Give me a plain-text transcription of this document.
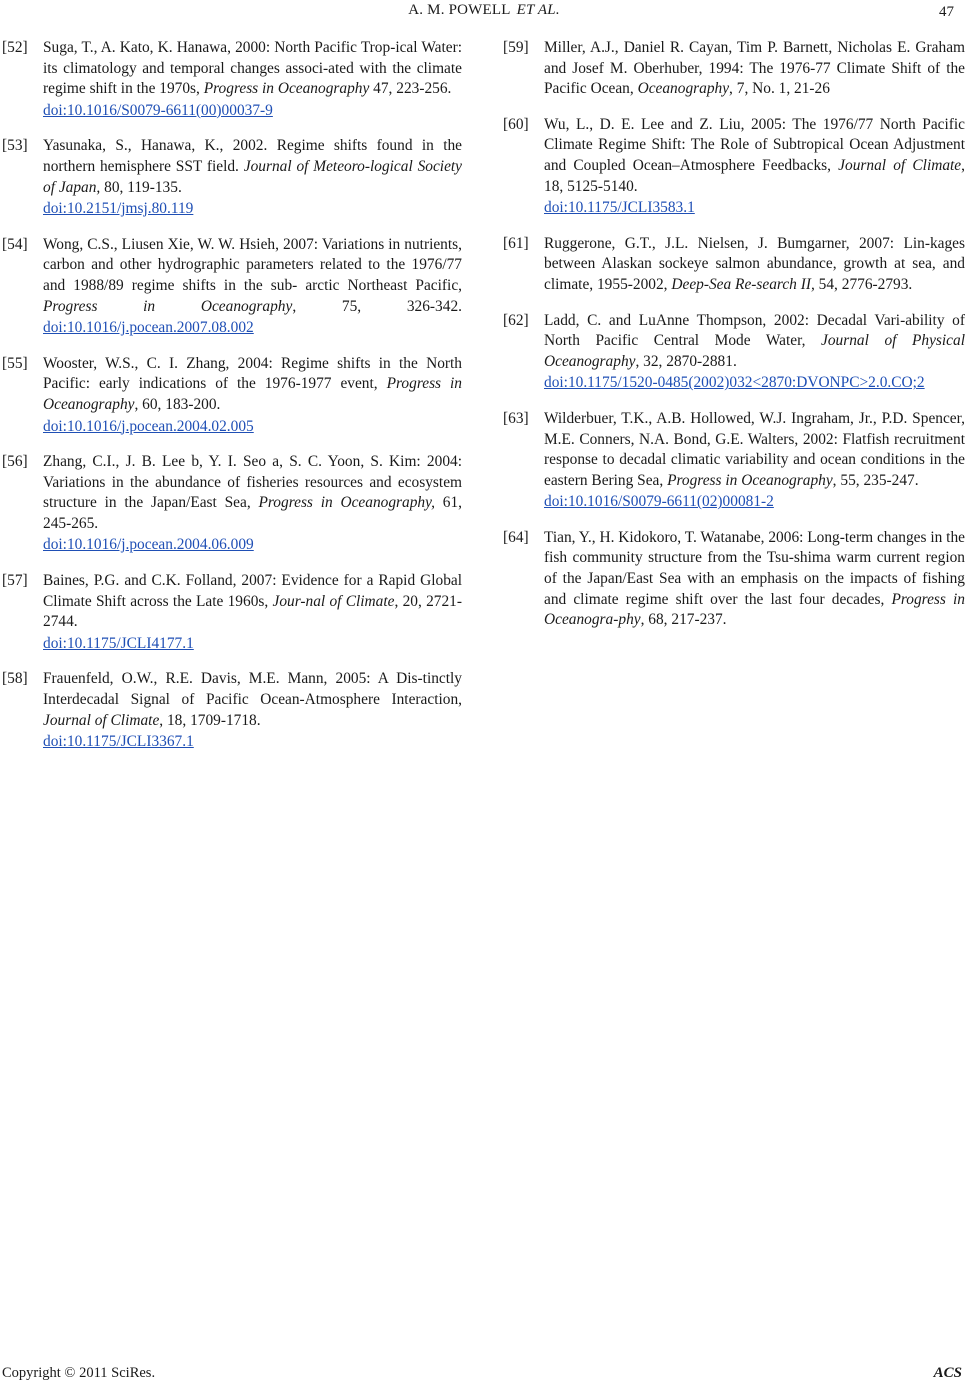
A. M. POWELL ET AL.	47
[52] Suga, T., A. Kato, K. Hanawa, 2000: North Pacific Trop-ical Water: its climatology and temporal changes associ-ated with the climate regime shift in the 1970s, Progress in Oceanography 47, 223-256.
doi:10.1016/S0079-6611(00)00037-9
[53] Yasunaka, S., Hanawa, K., 2002. Regime shifts found in the northern hemisphere SST field. Journal of Meteoro-logical Society of Japan, 80, 119-135.
doi:10.2151/jmsj.80.119
[54] Wong, C.S., Liusen Xie, W. W. Hsieh, 2007: Variations in nutrients, carbon and other hydrographic parameters related to the 1976/77 and 1988/89 regime shifts in the sub- arctic Northeast Pacific, Progress in Oceanography, 75, 326-342. doi:10.1016/j.pocean.2007.08.002
[55] Wooster, W.S., C. I. Zhang, 2004: Regime shifts in the North Pacific: early indications of the 1976-1977 event, Progress in Oceanography, 60, 183-200.
doi:10.1016/j.pocean.2004.02.005
[56] Zhang, C.I., J. B. Lee b, Y. I. Seo a, S. C. Yoon, S. Kim: 2004: Variations in the abundance of fisheries resources and ecosystem structure in the Japan/East Sea, Progress in Oceanography, 61, 245-265.
doi:10.1016/j.pocean.2004.06.009
[57] Baines, P.G. and C.K. Folland, 2007: Evidence for a Rapid Global Climate Shift across the Late 1960s, Jour-nal of Climate, 20, 2721-2744.
doi:10.1175/JCLI4177.1
[58] Frauenfeld, O.W., R.E. Davis, M.E. Mann, 2005: A Dis-tinctly Interdecadal Signal of Pacific Ocean-Atmosphere Interaction, Journal of Climate, 18, 1709-1718.
doi:10.1175/JCLI3367.1
[59] Miller, A.J., Daniel R. Cayan, Tim P. Barnett, Nicholas E. Graham and Josef M. Oberhuber, 1994: The 1976-77 Climate Shift of the Pacific Ocean, Oceanography, 7, No. 1, 21-26
[60] Wu, L., D. E. Lee and Z. Liu, 2005: The 1976/77 North Pacific Climate Regime Shift: The Role of Subtropical Ocean Adjustment and Coupled Ocean–Atmosphere Feedbacks, Journal of Climate, 18, 5125-5140.
doi:10.1175/JCLI3583.1
[61] Ruggerone, G.T., J.L. Nielsen, J. Bumgarner, 2007: Lin-kages between Alaskan sockeye salmon abundance, growth at sea, and climate, 1955-2002, Deep-Sea Re-search II, 54, 2776-2793.
[62] Ladd, C. and LuAnne Thompson, 2002: Decadal Vari-ability of North Pacific Central Mode Water, Journal of Physical Oceanography, 32, 2870-2881.
doi:10.1175/1520-0485(2002)032<2870:DVONPC>2.0.CO;2
[63] Wilderbuer, T.K., A.B. Hollowed, W.J. Ingraham, Jr., P.D. Spencer, M.E. Conners, N.A. Bond, G.E. Walters, 2002: Flatfish recruitment response to decadal climatic variability and ocean conditions in the eastern Bering Sea, Progress in Oceanography, 55, 235-247.
doi:10.1016/S0079-6611(02)00081-2
[64] Tian, Y., H. Kidokoro, T. Watanabe, 2006: Long-term changes in the fish community structure from the Tsu-shima warm current region of the Japan/East Sea with an emphasis on the impacts of fishing and climate regime shift over the last four decades, Progress in Oceanogra-phy, 68, 217-237.
Copyright © 2011 SciRes.	ACS
